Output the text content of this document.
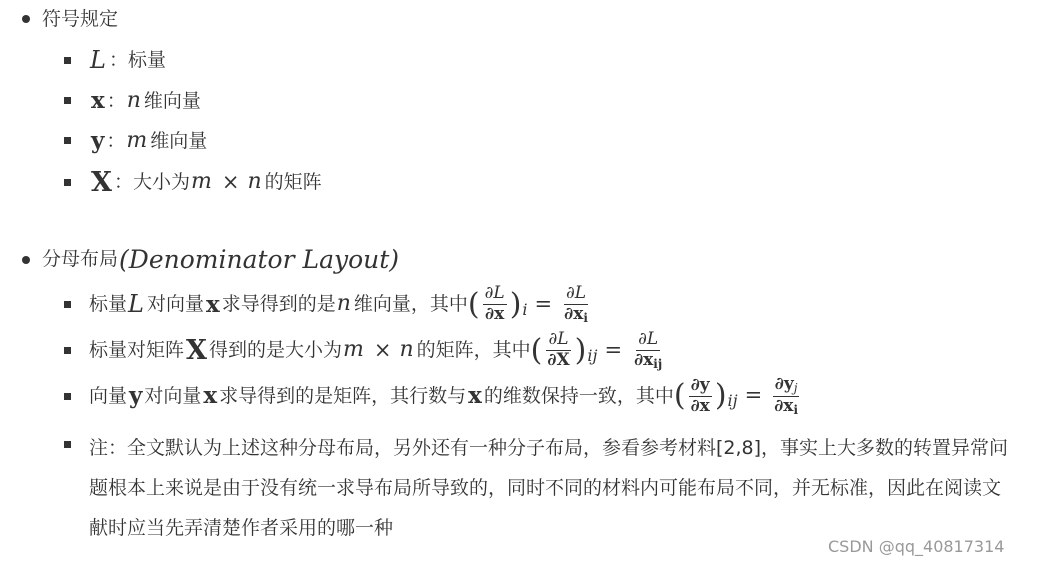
符号规定
L ： 标量
x ： n 维向量
y ： m 维向量
X ： 大小为 m × n 的矩阵
分母布局 (Denominator Layout)
标量 L 对向量 x 求导得到的是 n 维向量，其中 ( $\frac{\partial L}{\partial x}$ ) $i = \frac{\partial L}{\partial x_i}$
标量对矩阵 X 得到的是大小为 m × n 的矩阵，其中 ( $\frac{\partial L}{\partial X}$ ) ij = $\frac{\partial L}{\partial x_{ij}}$
向量 y 对向量 x 求导得到的是矩阵，其行数与 x 的维数保持一致，其中 ( $\frac{\partial y}{\partial x}$ ) ij = $\frac{\partial y_j}{\partial x_i}$
注：全文默认为上述这种分母布局，另外还有一种分子布局，参看参考材料[2,8]，事实上大多数的转置异常问题根本上来说是由于没有统一求导布局所导致的，同时不同的材料内可能布局不同，并无标准，因此在阅读文献时应当先弄清楚作者采用的哪一种
CSDN @qq_40817314
